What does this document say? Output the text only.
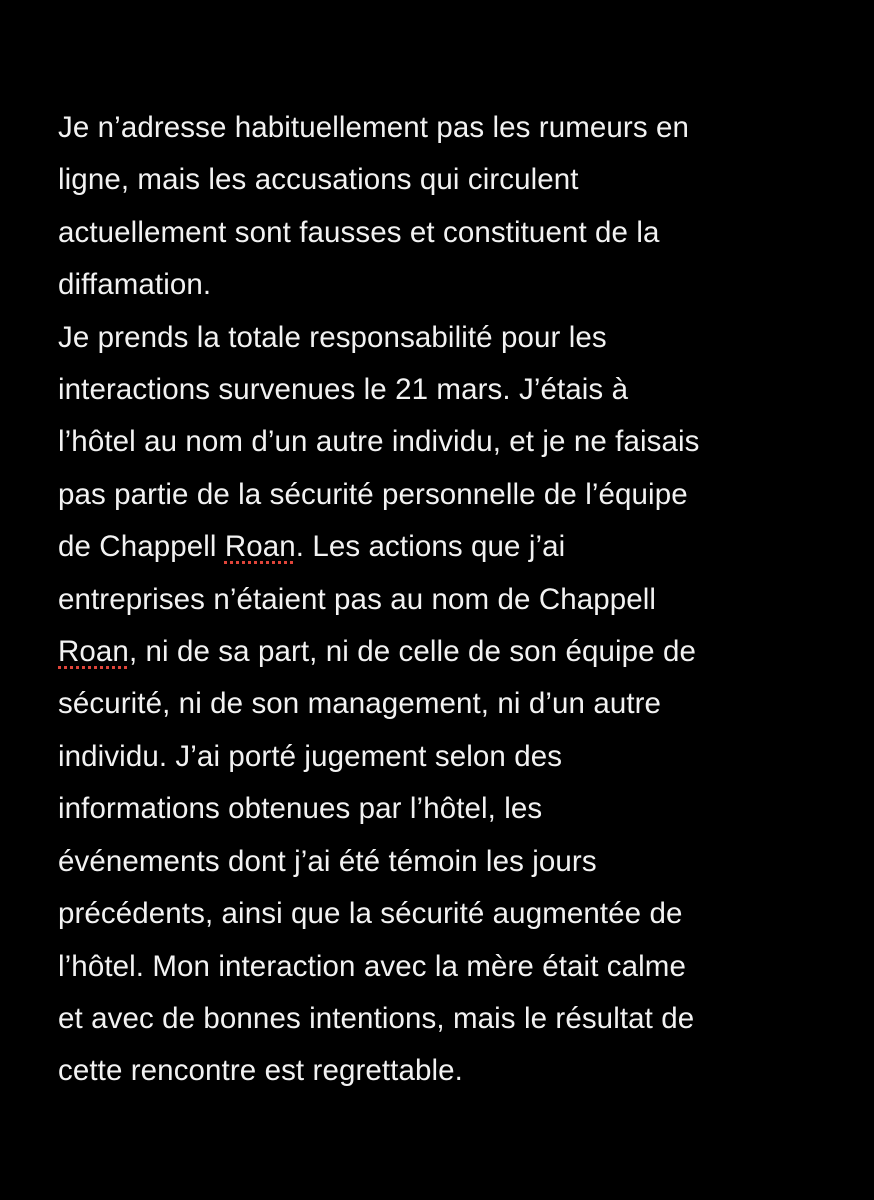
Je n’adresse habituellement pas les rumeurs en
ligne, mais les accusations qui circulent
actuellement sont fausses et constituent de la
diffamation.
Je prends la totale responsabilité pour les
interactions survenues le 21 mars. J’étais à
l’hôtel au nom d’un autre individu, et je ne faisais
pas partie de la sécurité personnelle de l’équipe
de Chappell Roan. Les actions que j’ai
entreprises n’étaient pas au nom de Chappell
Roan, ni de sa part, ni de celle de son équipe de
sécurité, ni de son management, ni d’un autre
individu. J’ai porté jugement selon des
informations obtenues par l’hôtel, les
événements dont j’ai été témoin les jours
précédents, ainsi que la sécurité augmentée de
l’hôtel. Mon interaction avec la mère était calme
et avec de bonnes intentions, mais le résultat de
cette rencontre est regrettable.
